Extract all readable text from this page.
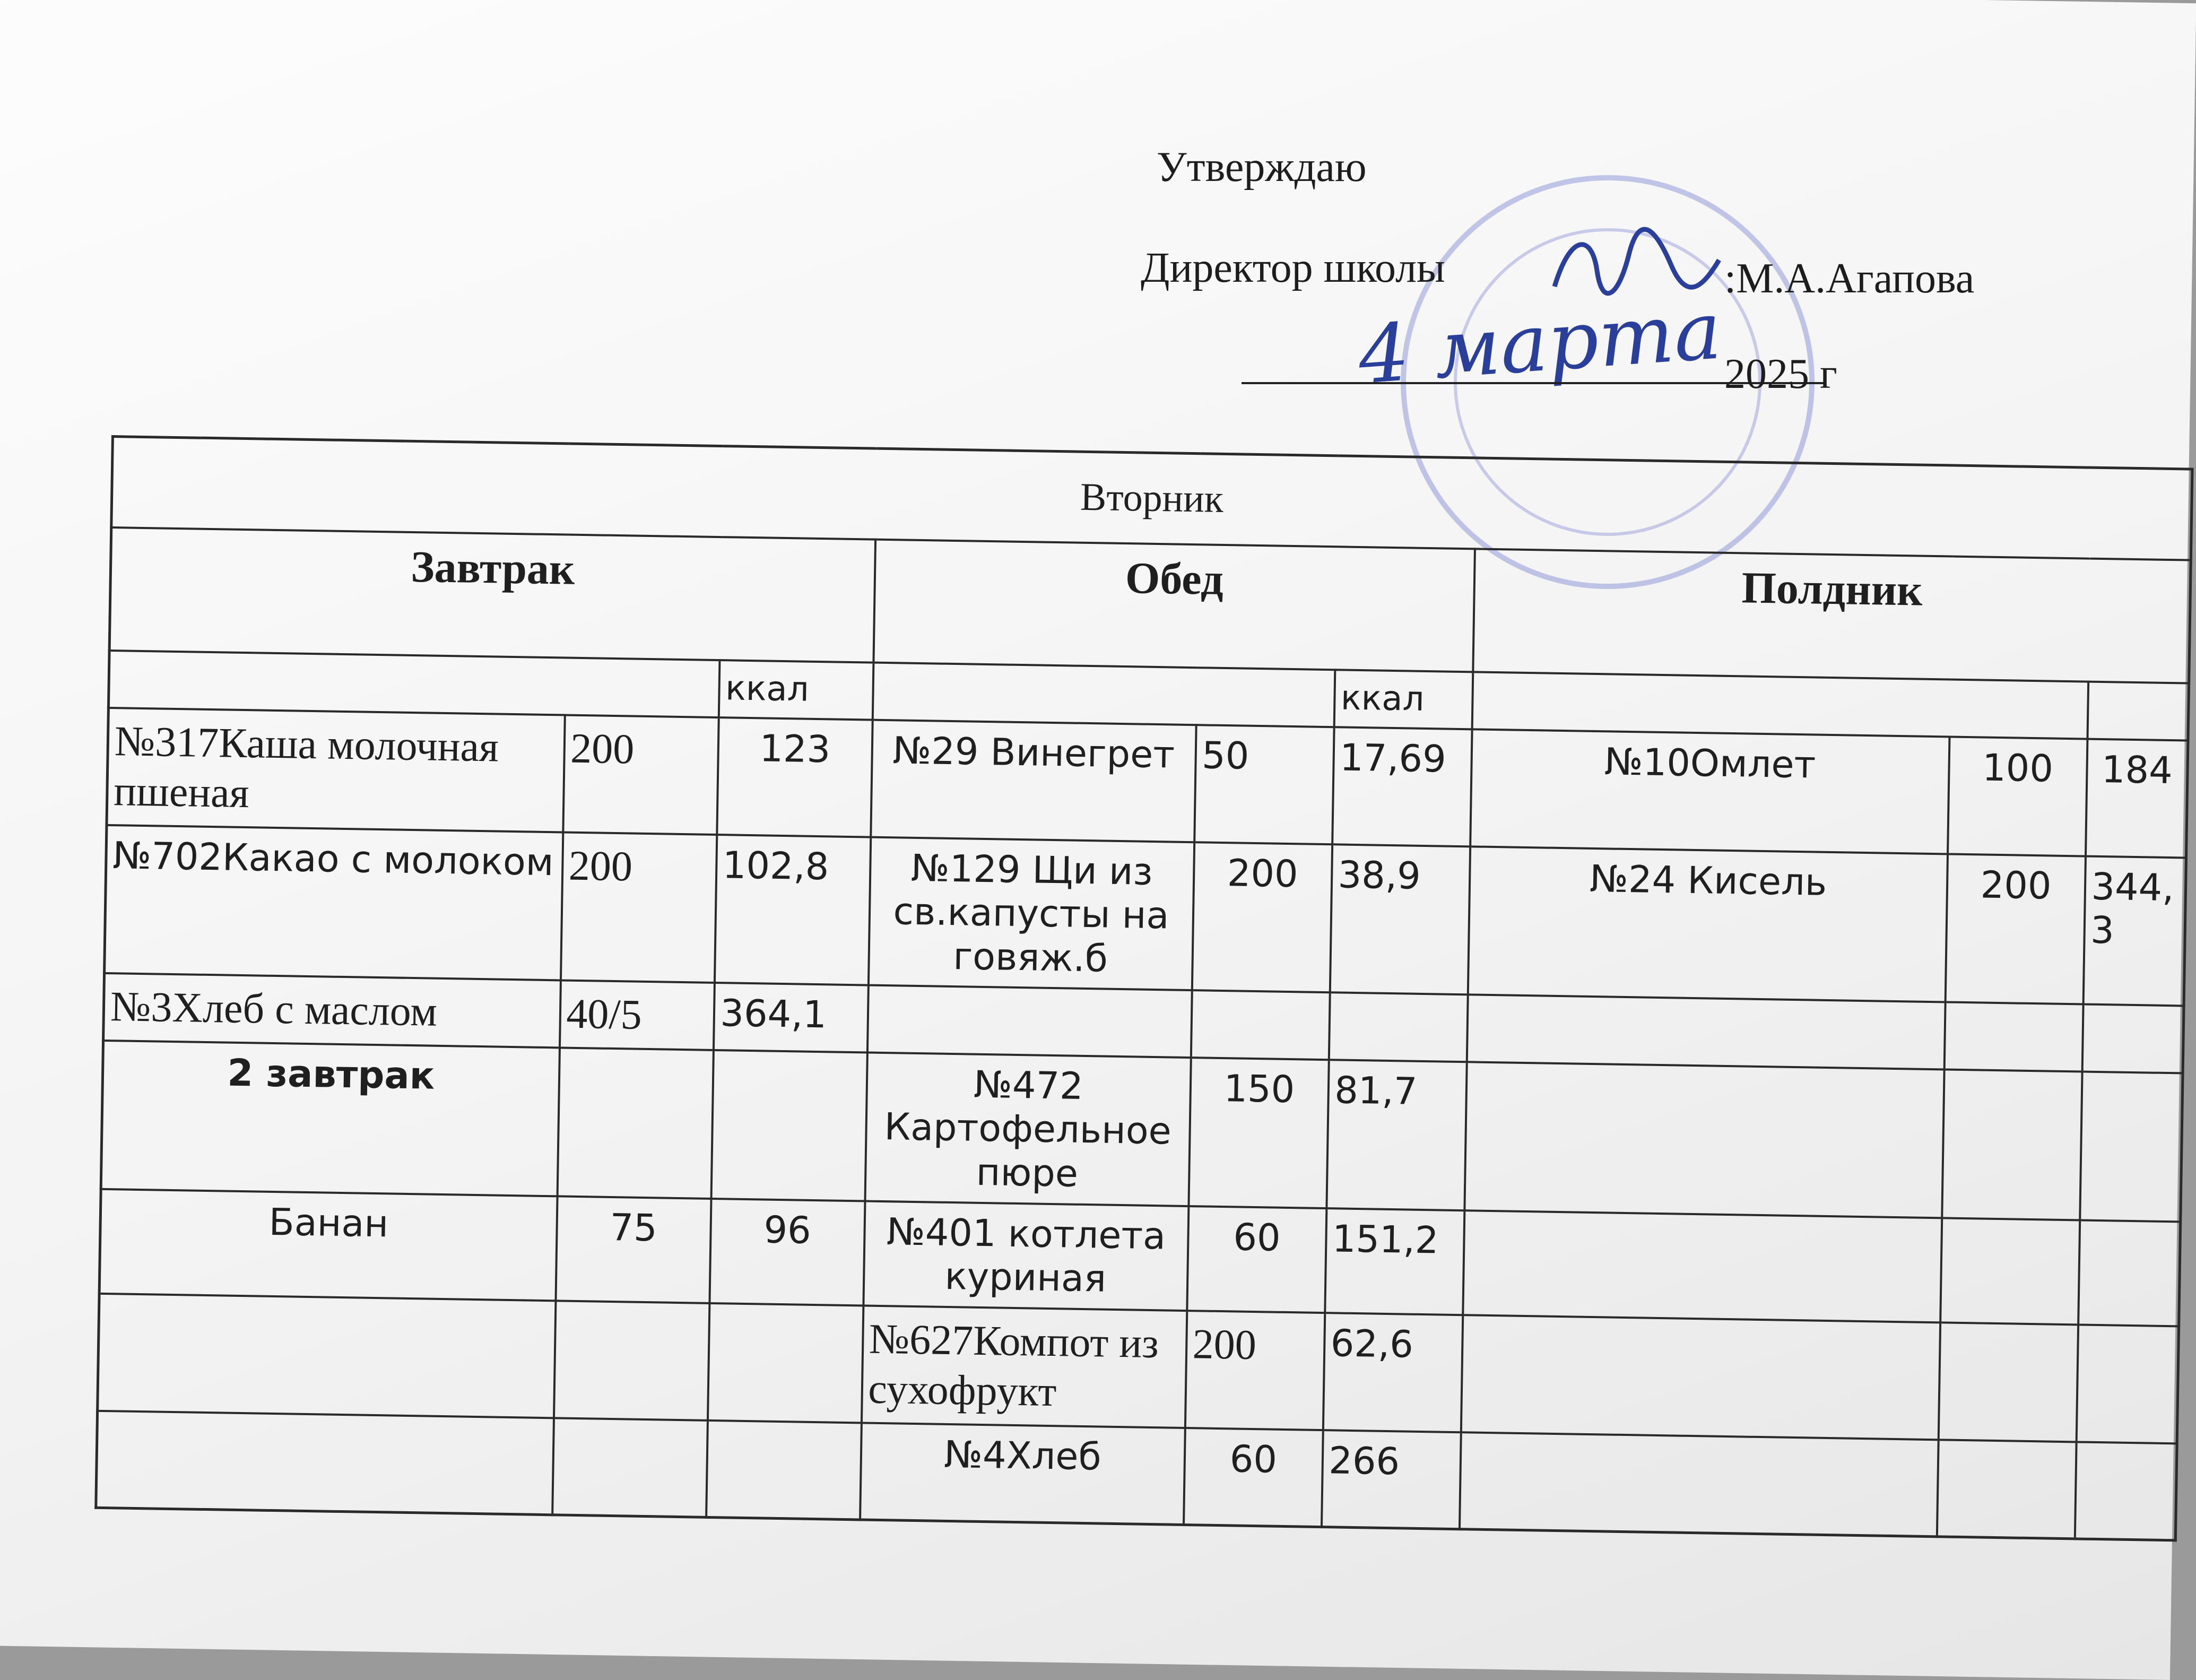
Утверждаю
Директор школы	:М.А.Агапова
4 марта 2025 г
Вторник								
Завтрак			Обед			Полдник		
		ккал			ккал			
№317Каша молочная пшеная	200	123	№29 Винегрет	50	17,69	№10Омлет	100	184
№702Какао с молоком	200	102,8	№129 Щи из св.капусты на говяж.б	200	38,9	№24 Кисель	200	344,3
№3Хлеб с маслом	40/5	364,1						
2 завтрак			№472 Картофельное пюре	150	81,7			
Банан	75	96	№401 котлета куриная	60	151,2			
			№627Компот из сухофрукт	200	62,6			
			№4Хлеб	60	266			
